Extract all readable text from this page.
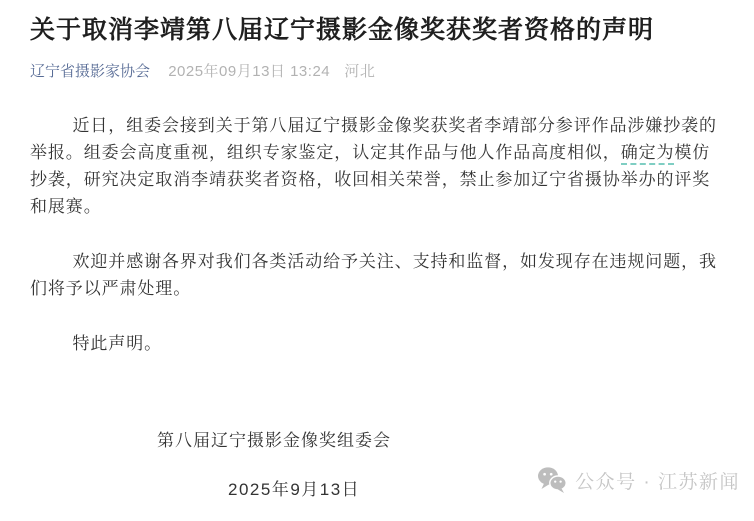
关于取消李靖第八届辽宁摄影金像奖获奖者资格的声明
辽宁省摄影家协会 2025年09月13日 13:24 河北

近日，组委会接到关于第八届辽宁摄影金像奖获奖者李靖部分参评作品涉嫌抄袭的举报。组委会高度重视，组织专家鉴定，认定其作品与他人作品高度相似，确定为模仿抄袭，研究决定取消李靖获奖者资格，收回相关荣誉，禁止参加辽宁省摄协举办的评奖和展赛。

欢迎并感谢各界对我们各类活动给予关注、支持和监督，如发现存在违规问题，我们将予以严肃处理。

特此声明。

第八届辽宁摄影金像奖组委会
2025年9月13日	公众号 · 江苏新闻
